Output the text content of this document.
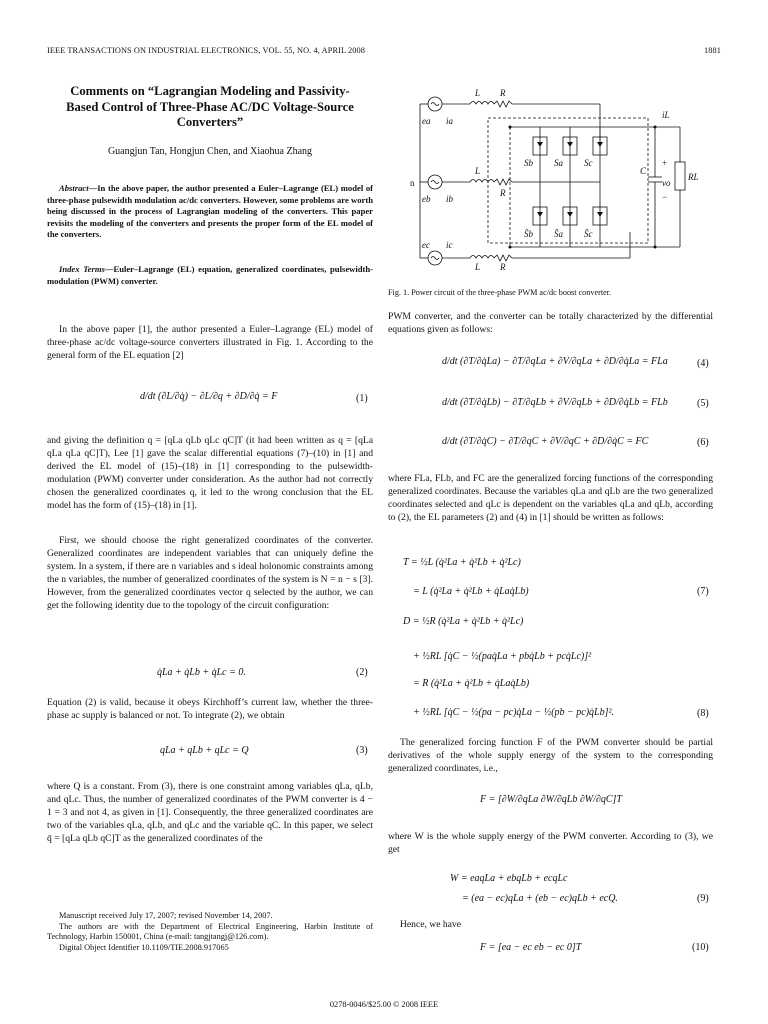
IEEE TRANSACTIONS ON INDUSTRIAL ELECTRONICS, VOL. 55, NO. 4, APRIL 2008	1881
Comments on “Lagrangian Modeling and Passivity-Based Control of Three-Phase AC/DC Voltage-Source Converters”
Guangjun Tan, Hongjun Chen, and Xiaohua Zhang

Abstract—In the above paper, the author presented a Euler–Lagrange (EL) model of three-phase pulsewidth modulation ac/dc converters. However, some problems are worth being discussed in the process of Lagrangian modeling of the converters. This paper revisits the modeling of the converters and presents the proper form of the EL model of the converters.

Index Terms—Euler–Lagrange (EL) equation, generalized coordinates, pulsewidth-modulation (PWM) converter.

In the above paper [1], the author presented a Euler–Lagrange (EL) model of three-phase ac/dc voltage-source converters illustrated in Fig. 1. According to the general form of the EL equation [2]

d/dt (∂L/∂q̇) − ∂L/∂q + ∂D/∂q̇ = F	(1)

and giving the definition q = [qLa qLb qLc qC]T (it had been written as q = [qLa qLa qLa qC]T), Lee [1] gave the scalar differential equations (7)–(10) in [1] and derived the EL model of (15)–(18) in [1] corresponding to the pulsewidth-modulation (PWM) converter under consideration. As the author had not correctly chosen the generalized coordinates q, it led to the wrong conclusion that the EL model has the form of (15)–(18) in [1].

First, we should choose the right generalized coordinates of the converter. Generalized coordinates are independent variables that can uniquely define the system. In a system, if there are n variables and s ideal holonomic constraints among the n variables, the number of generalized coordinates of the system is N = n − s [3]. However, from the generalized coordinates vector q selected by the author, we can get the following identity due to the topology of the circuit configuration:

q̇La + q̇Lb + q̇Lc = 0.	(2)

Equation (2) is valid, because it obeys Kirchhoff’s current law, whether the three-phase ac supply is balanced or not. To integrate (2), we obtain

qLa + qLb + qLc = Q	(3)

where Q is a constant. From (3), there is one constraint among variables qLa, qLb, and qLc. Thus, the number of generalized coordinates of the PWM converter is 4 − 1 = 3 and not 4, as given in [1]. Consequently, the three generalized coordinates are two of the variables qLa, qLb, and qLc and the variable qC. In this paper, we select q̄ = [qLa qLb qC]T as the generalized coordinates of the

Manuscript received July 17, 2007; revised November 14, 2007.

The authors are with the Department of Electrical Engineering, Harbin Institute of Technology, Harbin 150001, China (e-mail: tangjtangj@126.com).

Digital Object Identifier 10.1109/TIE.2008.917065

L R
ea ia
n
L
R
eb ib
ec ic
L R
iL
C
+
vo
−
RL
Sb Sa Sc
S̄b S̄a S̄c
Fig. 1. Power circuit of the three-phase PWM ac/dc boost converter.

PWM converter, and the converter can be totally characterized by the differential equations given as follows:

d/dt (∂T/∂q̇La) − ∂T/∂qLa + ∂V/∂qLa + ∂D/∂q̇La = FLa	(4)
d/dt (∂T/∂q̇Lb) − ∂T/∂qLb + ∂V/∂qLb + ∂D/∂q̇Lb = FLb	(5)
d/dt (∂T/∂q̇C) − ∂T/∂qC + ∂V/∂qC + ∂D/∂q̇C = FC	(6)

where FLa, FLb, and FC are the generalized forcing functions of the corresponding generalized coordinates. Because the variables qLa and qLb are the two generalized coordinates selected and qLc is dependent on the variables qLa and qLb, according to (2), the EL parameters (2) and (4) in [1] should be written as follows:

T = ½L (q̇²La + q̇²Lb + q̇²Lc)
= L (q̇²La + q̇²Lb + q̇Laq̇Lb)	(7)
D = ½R (q̇²La + q̇²Lb + q̇²Lc)
+ ½RL [q̇C − ½(paq̇La + pbq̇Lb + pcq̇Lc)]²
= R (q̇²La + q̇²Lb + q̇Laq̇Lb)
+ ½RL [q̇C − ½(pa − pc)q̇La − ½(pb − pc)q̇Lb]².	(8)

The generalized forcing function F of the PWM converter should be partial derivatives of the whole supply energy of the system to the corresponding generalized coordinates, i.e.,

F = [∂W/∂qLa ∂W/∂qLb ∂W/∂qC]T

where W is the whole supply energy of the PWM converter. According to (3), we get

W = eaqLa + ebqLb + ecqLc
= (ea − ec)qLa + (eb − ec)qLb + ecQ.	(9)

Hence, we have

F = [ea − ec eb − ec 0]T	(10)
0278-0046/$25.00 © 2008 IEEE
